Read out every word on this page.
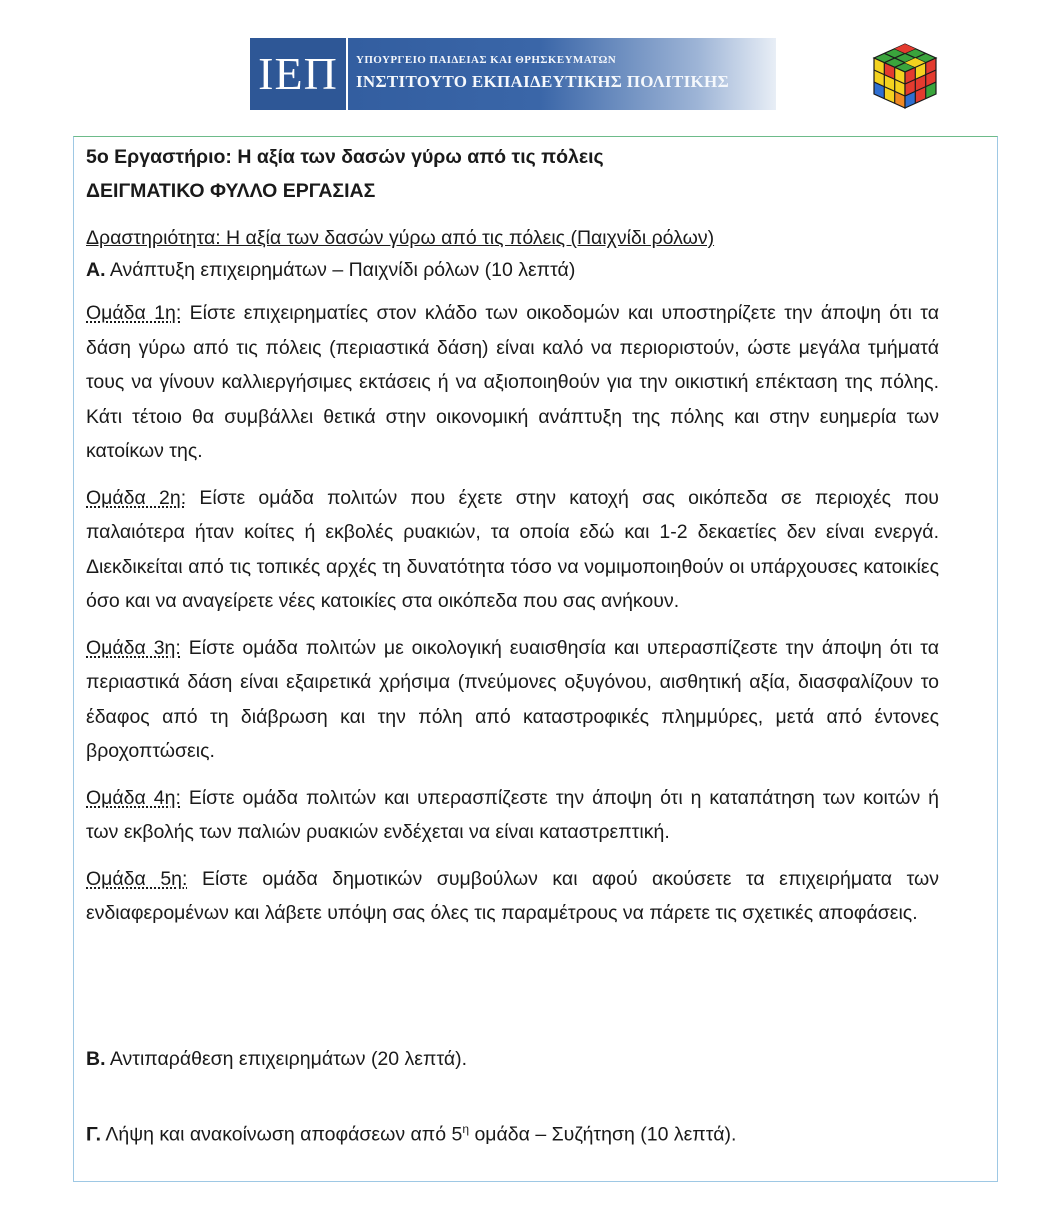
ΙΕΠ ΥΠΟΥΡΓΕΙΟ ΠΑΙΔΕΙΑΣ ΚΑΙ ΘΡΗΣΚΕΥΜΑΤΩΝ
ΙΝΣΤΙΤΟΥΤΟ ΕΚΠΑΙΔΕΥΤΙΚΗΣ ΠΟΛΙΤΙΚΗΣ

5ο Εργαστήριο: Η αξία των δασών γύρω από τις πόλεις

ΔΕΙΓΜΑΤΙΚΟ ΦΥΛΛΟ ΕΡΓΑΣΙΑΣ

Δραστηριότητα: Η αξία των δασών γύρω από τις πόλεις (Παιχνίδι ρόλων)
Α. Ανάπτυξη επιχειρημάτων – Παιχνίδι ρόλων (10 λεπτά)

Ομάδα 1η: Είστε επιχειρηματίες στον κλάδο των οικοδομών και υποστηρίζετε την άποψη ότι τα δάση γύρω από τις πόλεις (περιαστικά δάση) είναι καλό να περιοριστούν, ώστε μεγάλα τμήματά τους να γίνουν καλλιεργήσιμες εκτάσεις ή να αξιοποιηθούν για την οικιστική επέκταση της πόλης. Κάτι τέτοιο θα συμβάλλει θετικά στην οικονομική ανάπτυξη της πόλης και στην ευημερία των κατοίκων της.

Ομάδα 2η: Είστε ομάδα πολιτών που έχετε στην κατοχή σας οικόπεδα σε περιοχές που παλαιότερα ήταν κοίτες ή εκβολές ρυακιών, τα οποία εδώ και 1-2 δεκαετίες δεν είναι ενεργά. Διεκδικείται από τις τοπικές αρχές τη δυνατότητα τόσο να νομιμοποιηθούν οι υπάρχουσες κατοικίες όσο και να αναγείρετε νέες κατοικίες στα οικόπεδα που σας ανήκουν.

Ομάδα 3η: Είστε ομάδα πολιτών με οικολογική ευαισθησία και υπερασπίζεστε την άποψη ότι τα περιαστικά δάση είναι εξαιρετικά χρήσιμα (πνεύμονες οξυγόνου, αισθητική αξία, διασφαλίζουν το έδαφος από τη διάβρωση και την πόλη από καταστροφικές πλημμύρες, μετά από έντονες βροχοπτώσεις.

Ομάδα 4η: Είστε ομάδα πολιτών και υπερασπίζεστε την άποψη ότι η καταπάτηση των κοιτών ή των εκβολής των παλιών ρυακιών ενδέχεται να είναι καταστρεπτική.

Ομάδα 5η: Είστε ομάδα δημοτικών συμβούλων και αφού ακούσετε τα επιχειρήματα των ενδιαφερομένων και λάβετε υπόψη σας όλες τις παραμέτρους να πάρετε τις σχετικές αποφάσεις.

Β. Αντιπαράθεση επιχειρημάτων (20 λεπτά).
Γ. Λήψη και ανακοίνωση αποφάσεων από $5^\eta$ ομάδα – Συζήτηση (10 λεπτά).
